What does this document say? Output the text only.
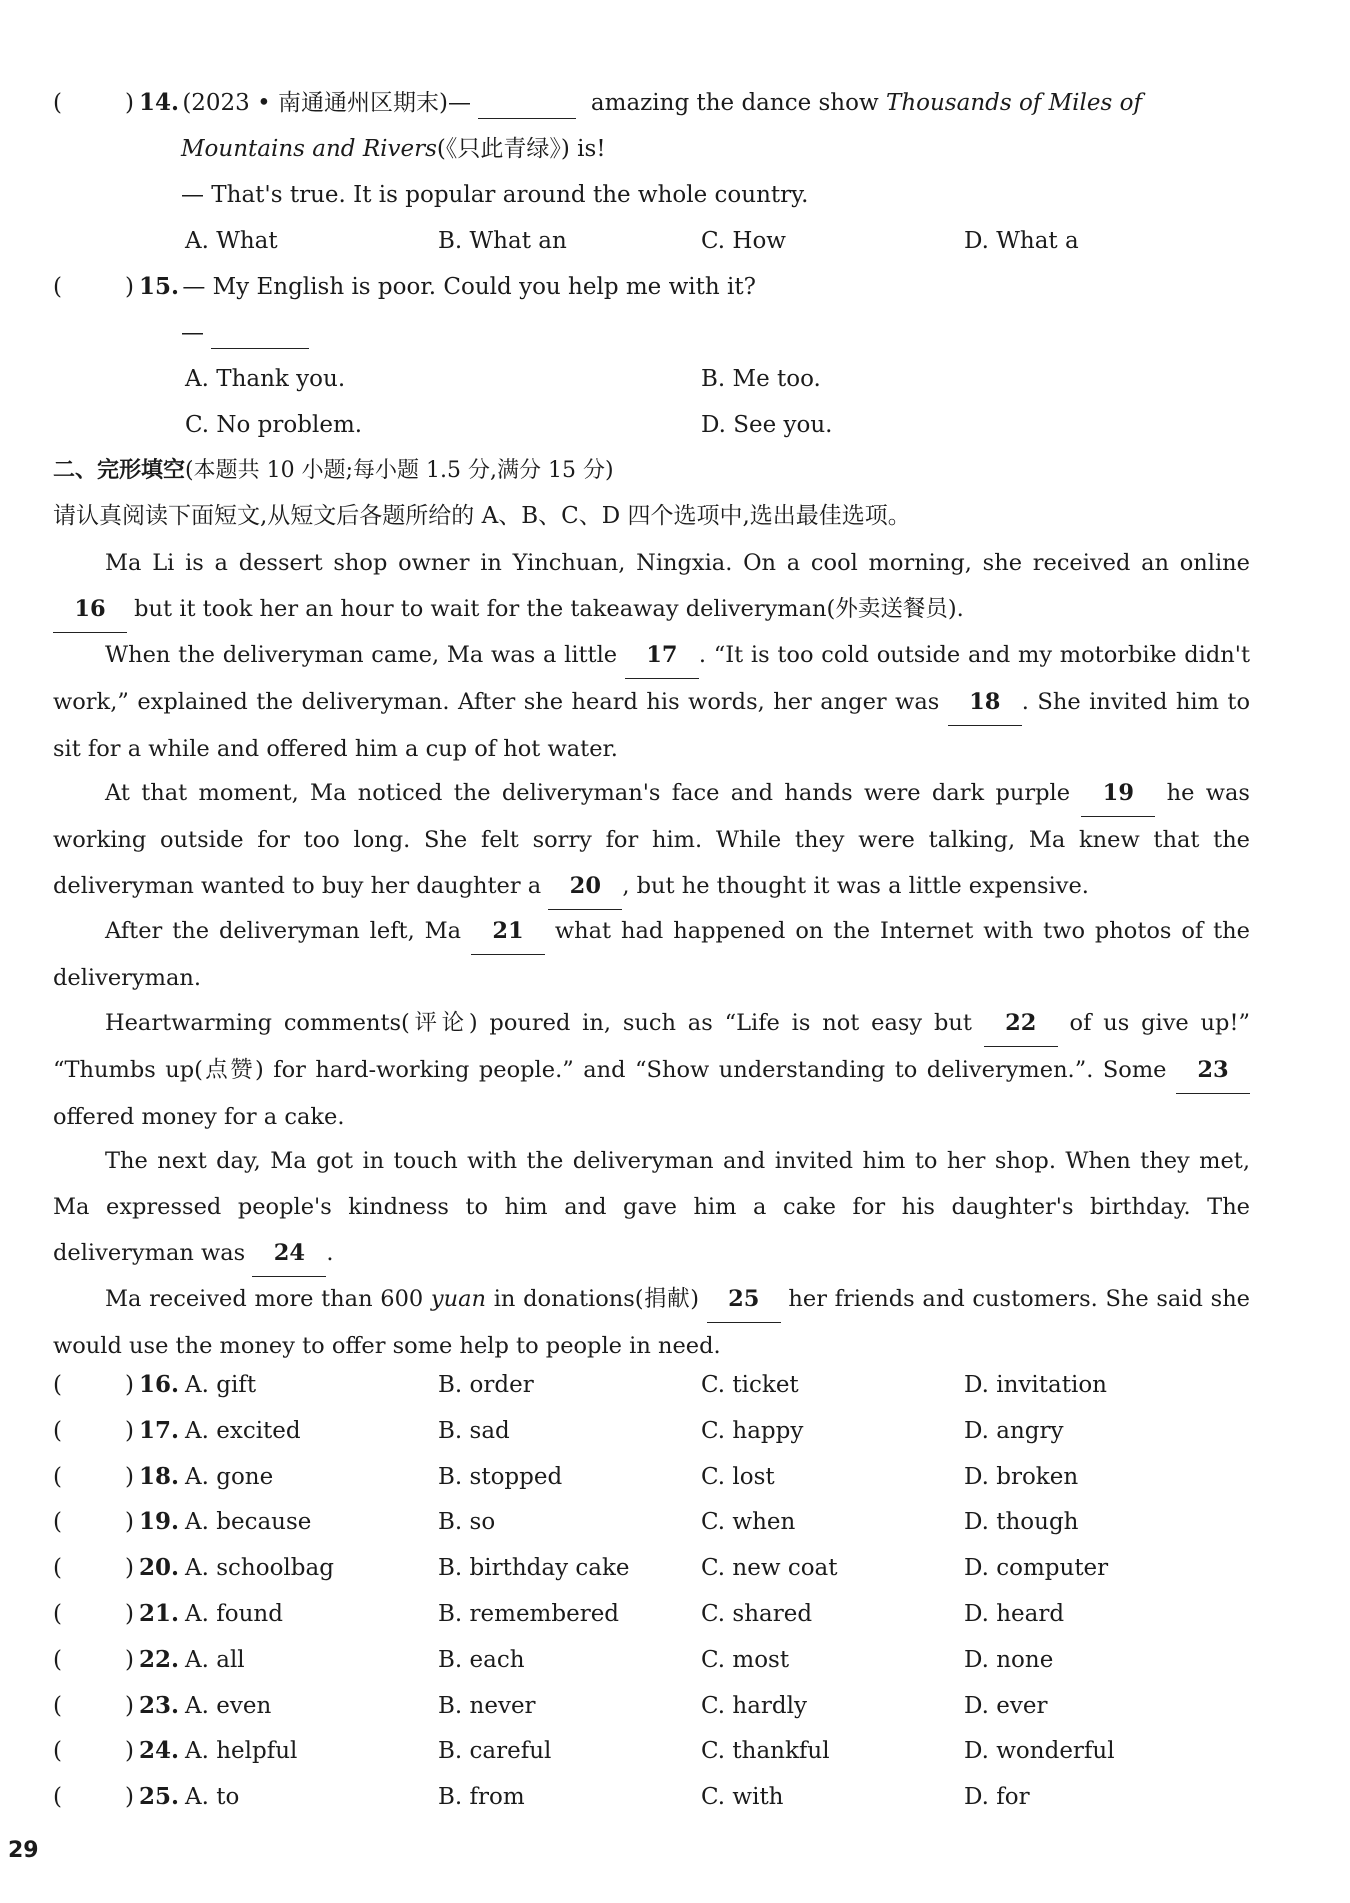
(	) 14. (2023 • 南通通州区期末)—	amazing the dance show Thousands of Miles of
Mountains and Rivers(《只此青绿》) is!
— That's true. It is popular around the whole country.
A. What	B. What an	C. How	D. What a
(	) 15. — My English is poor. Could you help me with it?
—
A. Thank you.	B. Me too.
C. No problem.	D. See you.
二、完形填空(本题共 10 小题;每小题 1.5 分,满分 15 分)
请认真阅读下面短文,从短文后各题所给的 A、B、C、D 四个选项中,选出最佳选项。
Ma Li is a dessert shop owner in Yinchuan, Ningxia. On a cool morning, she received an online 16 but it took her an hour to wait for the takeaway deliveryman(外卖送餐员).
When the deliveryman came, Ma was a little 17 . “It is too cold outside and my motorbike didn't work,” explained the deliveryman. After she heard his words, her anger was 18 . She invited him to sit for a while and offered him a cup of hot water.
At that moment, Ma noticed the deliveryman's face and hands were dark purple 19 he was working outside for too long. She felt sorry for him. While they were talking, Ma knew that the deliveryman wanted to buy her daughter a 20 , but he thought it was a little expensive.
After the deliveryman left, Ma 21 what had happened on the Internet with two photos of the deliveryman.
Heartwarming comments(评论) poured in, such as “Life is not easy but 22 of us give up!” “Thumbs up(点赞) for hard-working people.” and “Show understanding to deliverymen.”. Some 23 offered money for a cake.
The next day, Ma got in touch with the deliveryman and invited him to her shop. When they met, Ma expressed people's kindness to him and gave him a cake for his daughter's birthday. The deliveryman was 24 .
Ma received more than 600 yuan in donations(捐献) 25 her friends and customers. She said she would use the money to offer some help to people in need.
(	) 16. A. gift	B. order	C. ticket	D. invitation
(	) 17. A. excited	B. sad	C. happy	D. angry
(	) 18. A. gone	B. stopped	C. lost	D. broken
(	) 19. A. because	B. so	C. when	D. though
(	) 20. A. schoolbag	B. birthday cake	C. new coat	D. computer
(	) 21. A. found	B. remembered	C. shared	D. heard
(	) 22. A. all	B. each	C. most	D. none
(	) 23. A. even	B. never	C. hardly	D. ever
(	) 24. A. helpful	B. careful	C. thankful	D. wonderful
(	) 25. A. to	B. from	C. with	D. for
29
